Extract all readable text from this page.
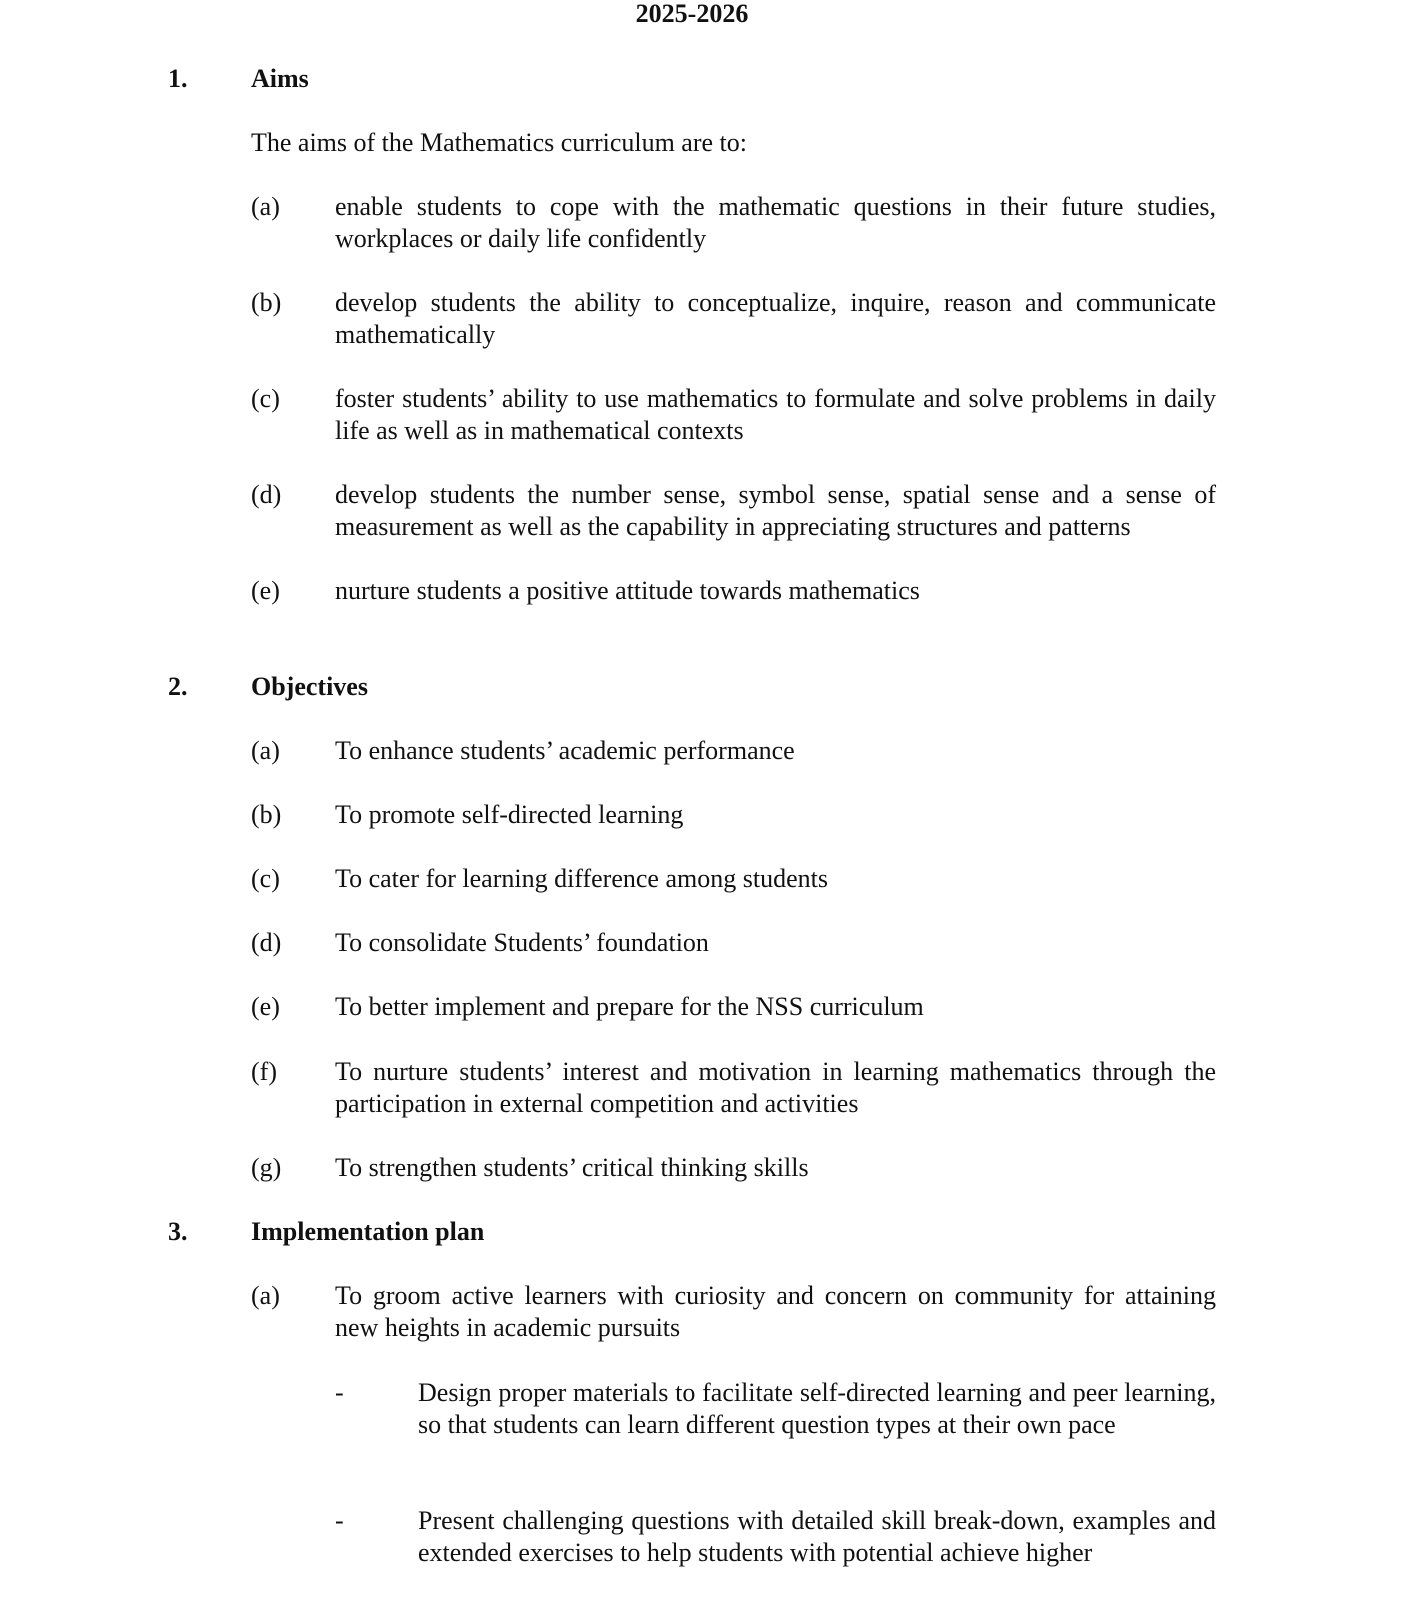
2025-2026
1. Aims
The aims of the Mathematics curriculum are to:
(a) enable students to cope with the mathematic questions in their future studies, workplaces or daily life confidently
(b) develop students the ability to conceptualize, inquire, reason and communicate mathematically
(c) foster students’ ability to use mathematics to formulate and solve problems in daily life as well as in mathematical contexts
(d) develop students the number sense, symbol sense, spatial sense and a sense of measurement as well as the capability in appreciating structures and patterns
(e) nurture students a positive attitude towards mathematics
2. Objectives
(a) To enhance students’ academic performance
(b) To promote self-directed learning
(c) To cater for learning difference among students
(d) To consolidate Students’ foundation
(e) To better implement and prepare for the NSS curriculum
(f) To nurture students’ interest and motivation in learning mathematics through the participation in external competition and activities
(g) To strengthen students’ critical thinking skills
3. Implementation plan
(a) To groom active learners with curiosity and concern on community for attaining new heights in academic pursuits
-	Design proper materials to facilitate self-directed learning and peer learning, so that students can learn different question types at their own pace
-	Present challenging questions with detailed skill break-down, examples and extended exercises to help students with potential achieve higher
